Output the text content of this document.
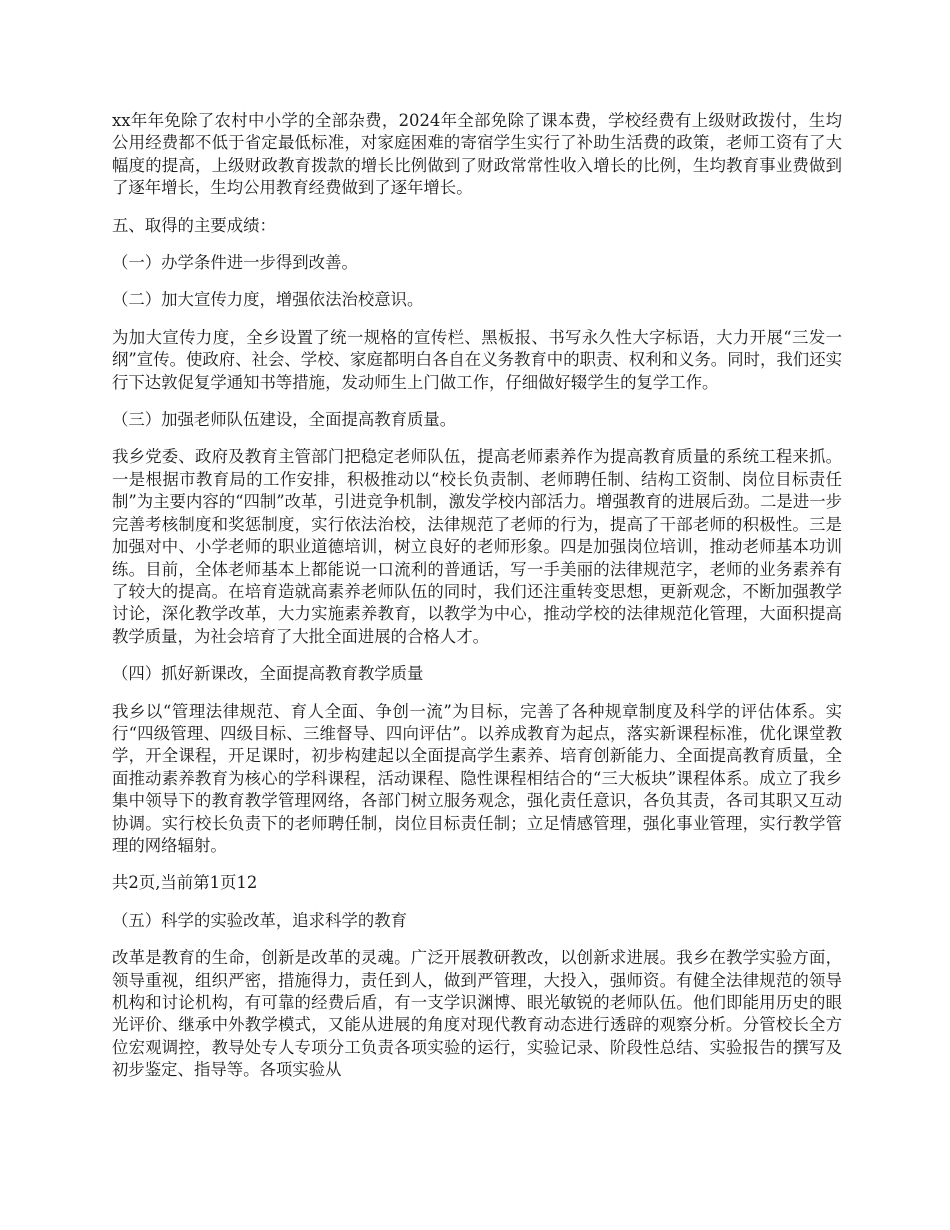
xx年年免除了农村中小学的全部杂费，2024年全部免除了课本费，学校经费有上级财政拨付，生均公用经费都不低于省定最低标准，对家庭困难的寄宿学生实行了补助生活费的政策，老师工资有了大幅度的提高，上级财政教育拨款的增长比例做到了财政常常性收入增长的比例，生均教育事业费做到了逐年增长，生均公用教育经费做到了逐年增长。

五、取得的主要成绩：

（一）办学条件进一步得到改善。

（二）加大宣传力度，增强依法治校意识。

为加大宣传力度，全乡设置了统一规格的宣传栏、黑板报、书写永久性大字标语，大力开展“三发一纲”宣传。使政府、社会、学校、家庭都明白各自在义务教育中的职责、权利和义务。同时，我们还实行下达敦促复学通知书等措施，发动师生上门做工作，仔细做好辍学生的复学工作。

（三）加强老师队伍建设，全面提高教育质量。

我乡党委、政府及教育主管部门把稳定老师队伍，提高老师素养作为提高教育质量的系统工程来抓。一是根据市教育局的工作安排，积极推动以“校长负责制、老师聘任制、结构工资制、岗位目标责任制”为主要内容的“四制”改革，引进竞争机制，激发学校内部活力。增强教育的进展后劲。二是进一步完善考核制度和奖惩制度，实行依法治校，法律规范了老师的行为，提高了干部老师的积极性。三是加强对中、小学老师的职业道德培训，树立良好的老师形象。四是加强岗位培训，推动老师基本功训练。目前，全体老师基本上都能说一口流利的普通话，写一手美丽的法律规范字，老师的业务素养有了较大的提高。在培育造就高素养老师队伍的同时，我们还注重转变思想，更新观念，不断加强教学讨论，深化教学改革，大力实施素养教育，以教学为中心，推动学校的法律规范化管理，大面积提高教学质量，为社会培育了大批全面进展的合格人才。

（四）抓好新课改，全面提高教育教学质量

我乡以“管理法律规范、育人全面、争创一流”为目标，完善了各种规章制度及科学的评估体系。实行“四级管理、四级目标、三维督导、四向评估”。以养成教育为起点，落实新课程标准，优化课堂教学，开全课程，开足课时，初步构建起以全面提高学生素养、培育创新能力、全面提高教育质量，全面推动素养教育为核心的学科课程，活动课程、隐性课程相结合的“三大板块”课程体系。成立了我乡集中领导下的教育教学管理网络，各部门树立服务观念，强化责任意识，各负其责，各司其职又互动协调。实行校长负责下的老师聘任制，岗位目标责任制；立足情感管理，强化事业管理，实行教学管理的网络辐射。

共2页,当前第1页12

（五）科学的实验改革，追求科学的教育

改革是教育的生命，创新是改革的灵魂。广泛开展教研教改，以创新求进展。我乡在教学实验方面，领导重视，组织严密，措施得力，责任到人，做到严管理，大投入，强师资。有健全法律规范的领导机构和讨论机构，有可靠的经费后盾，有一支学识渊博、眼光敏锐的老师队伍。他们即能用历史的眼光评价、继承中外教学模式，又能从进展的角度对现代教育动态进行透辟的观察分析。分管校长全方位宏观调控，教导处专人专项分工负责各项实验的运行，实验记录、阶段性总结、实验报告的撰写及初步鉴定、指导等。各项实验从
